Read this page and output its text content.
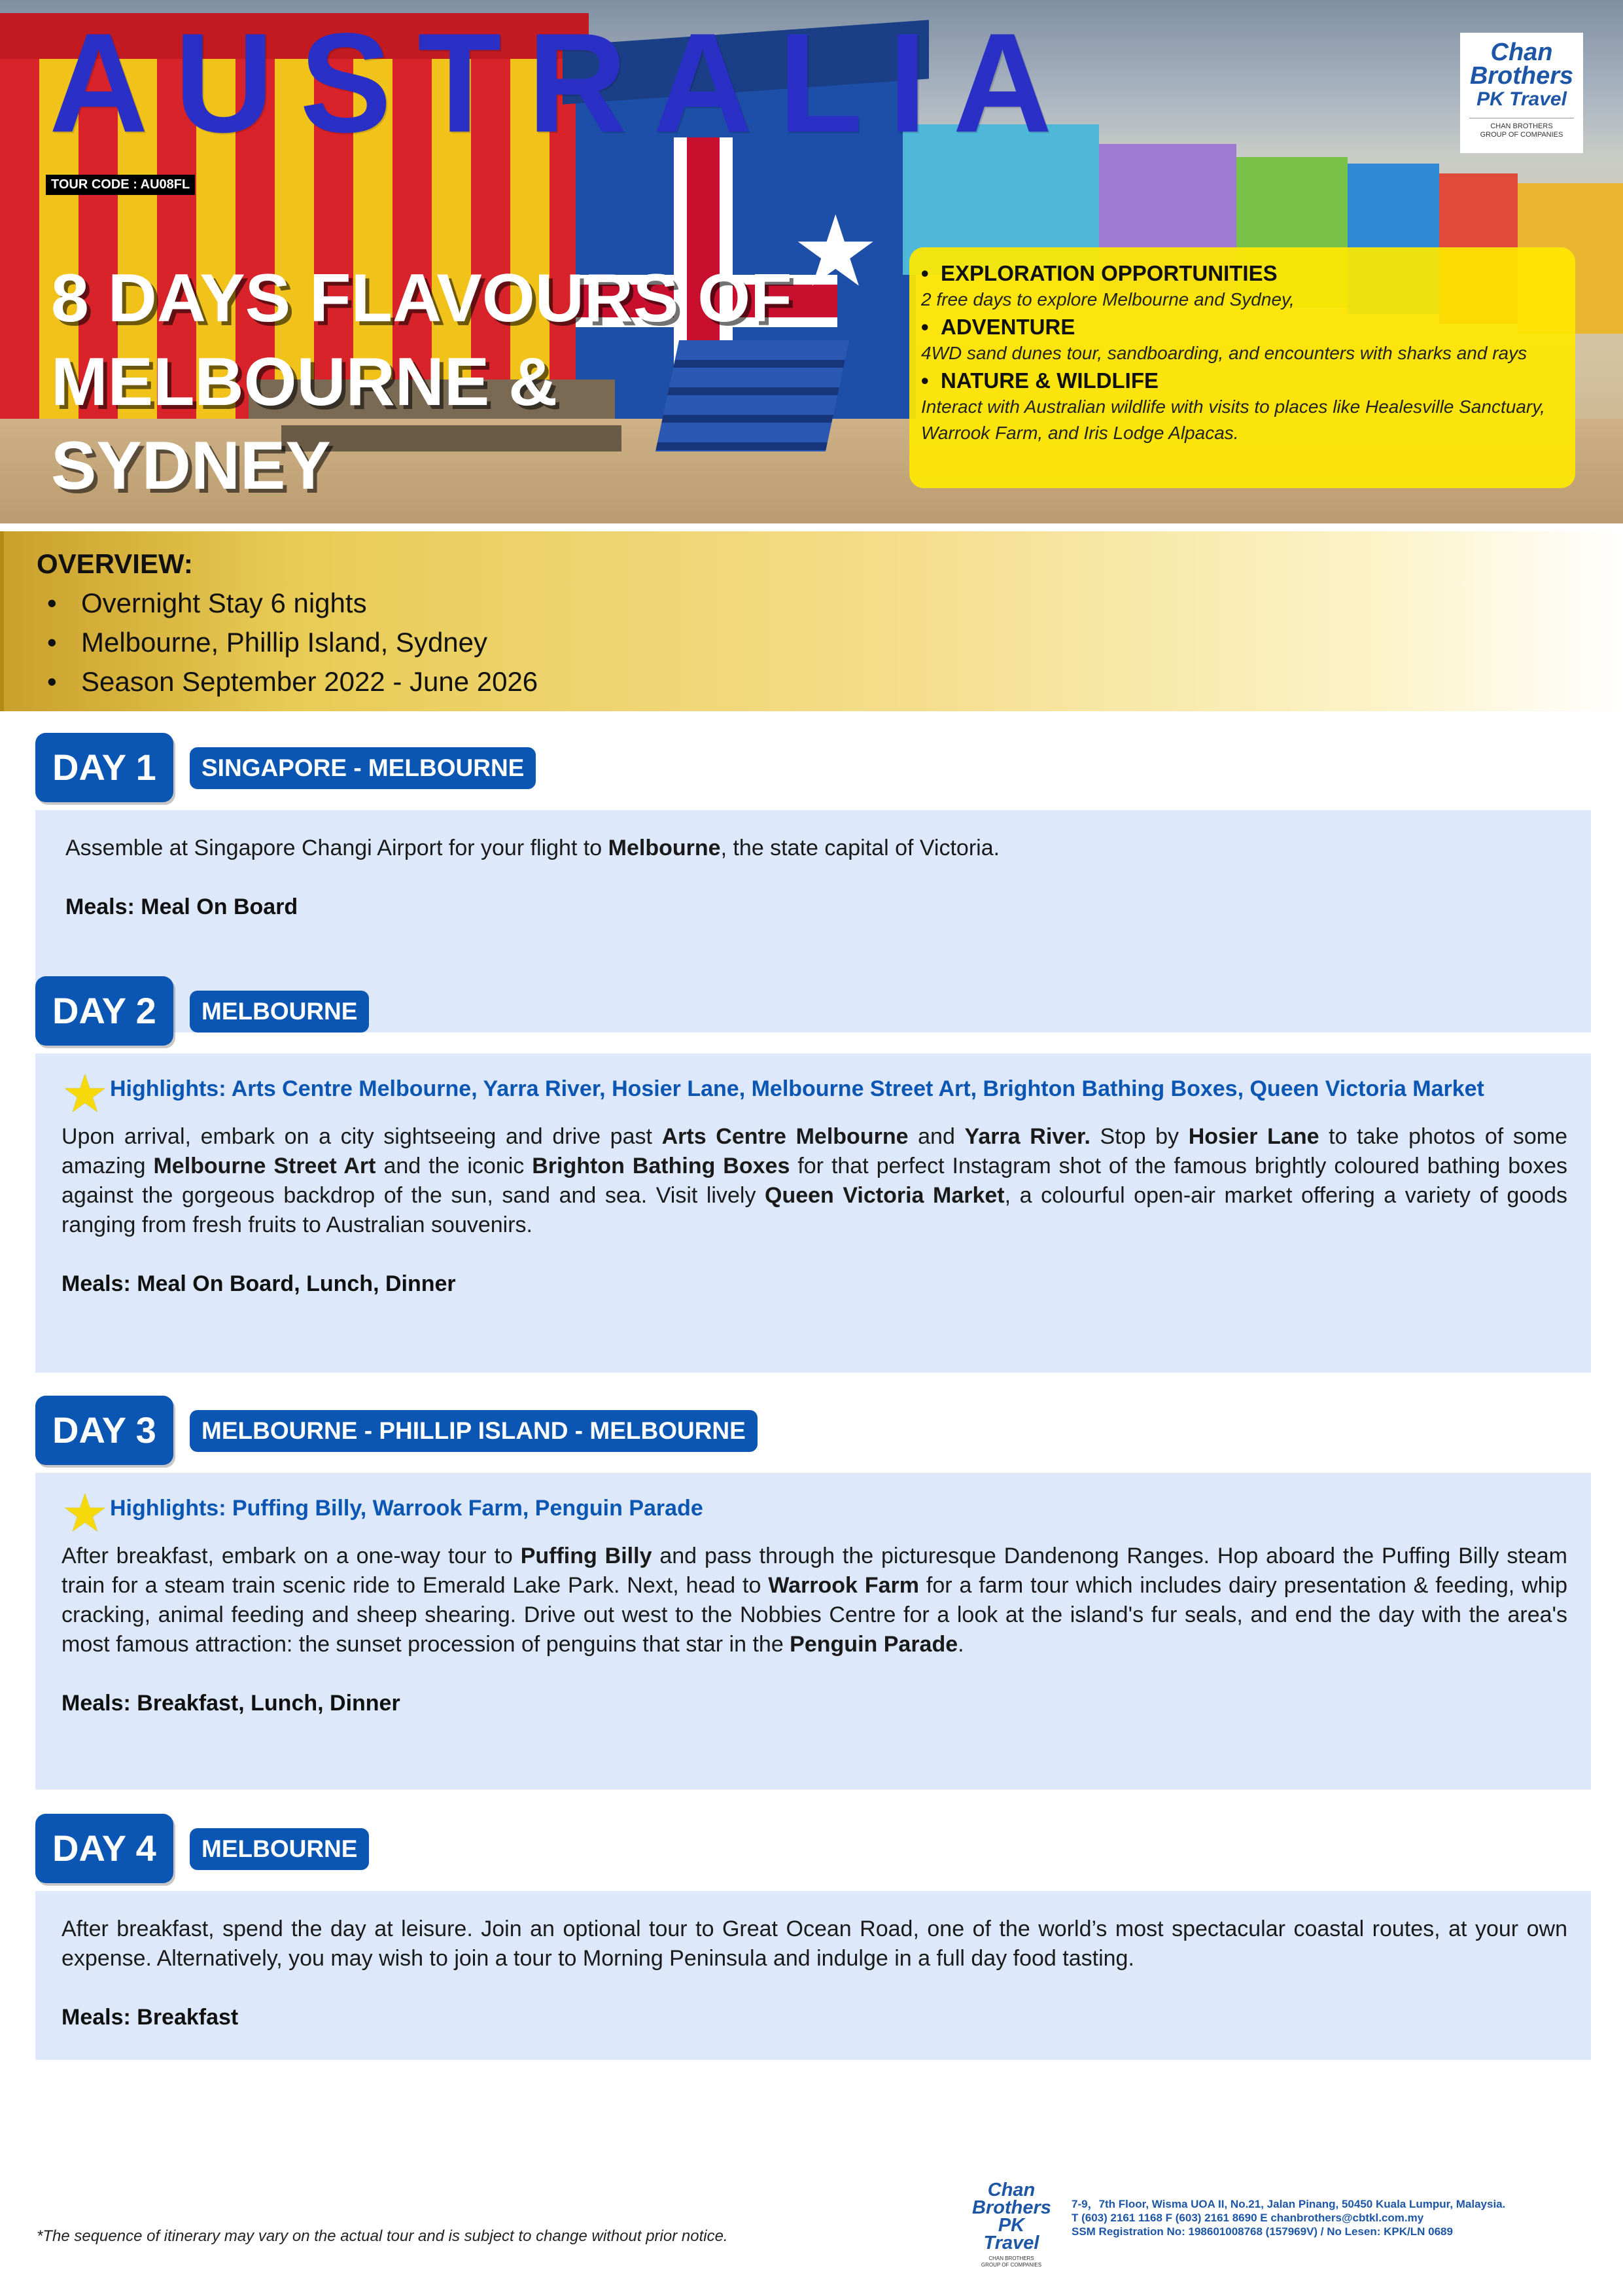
★
AUSTRALIA
TOUR CODE : AU08FL
8 DAYS FLAVOURS OF
MELBOURNE &
SYDNEY
Chan
Brothers
PK Travel
CHAN BROTHERS
GROUP OF COMPANIES
• EXPLORATION OPPORTUNITIES
2 free days to explore Melbourne and Sydney,
• ADVENTURE
4WD sand dunes tour, sandboarding, and encounters with sharks and rays
• NATURE & WILDLIFE
Interact with Australian wildlife with visits to places like Healesville Sanctuary, Warrook Farm, and Iris Lodge Alpacas.
OVERVIEW:
• Overnight Stay 6 nights
• Melbourne, Phillip Island, Sydney
• Season September 2022 - June 2026
Assemble at Singapore Changi Airport for your flight to Melbourne, the state capital of Victoria.
Meals: Meal On Board
DAY 1	SINGAPORE - MELBOURNE
★ Highlights: Arts Centre Melbourne, Yarra River, Hosier Lane, Melbourne Street Art, Brighton Bathing Boxes, Queen Victoria Market
Upon arrival, embark on a city sightseeing and drive past Arts Centre Melbourne and Yarra River. Stop by Hosier Lane to take photos of some amazing Melbourne Street Art and the iconic Brighton Bathing Boxes for that perfect Instagram shot of the famous brightly coloured bathing boxes against the gorgeous backdrop of the sun, sand and sea. Visit lively Queen Victoria Market, a colourful open-air market offering a variety of goods ranging from fresh fruits to Australian souvenirs.
Meals: Meal On Board, Lunch, Dinner
DAY 2	MELBOURNE
★ Highlights: Puffing Billy, Warrook Farm, Penguin Parade
After breakfast, embark on a one-way tour to Puffing Billy and pass through the picturesque Dandenong Ranges. Hop aboard the Puffing Billy steam train for a steam train scenic ride to Emerald Lake Park. Next, head to Warrook Farm for a farm tour which includes dairy presentation & feeding, whip cracking, animal feeding and sheep shearing. Drive out west to the Nobbies Centre for a look at the island's fur seals, and end the day with the area's most famous attraction: the sunset procession of penguins that star in the Penguin Parade.
Meals: Breakfast, Lunch, Dinner
DAY 3	MELBOURNE - PHILLIP ISLAND - MELBOURNE
After breakfast, spend the day at leisure. Join an optional tour to Great Ocean Road, one of the world’s most spectacular coastal routes, at your own expense. Alternatively, you may wish to join a tour to Morning Peninsula and indulge in a full day food tasting.
Meals: Breakfast
DAY 4	MELBOURNE
*The sequence of itinerary may vary on the actual tour and is subject to change without prior notice.
Chan
Brothers
PK Travel
CHAN BROTHERS
GROUP OF COMPANIES
7-9，7th Floor, Wisma UOA II, No.21, Jalan Pinang, 50450 Kuala Lumpur, Malaysia.
T (603) 2161 1168 F (603) 2161 8690 E chanbrothers@cbtkl.com.my
SSM Registration No: 198601008768 (157969V) / No Lesen: KPK/LN 0689
